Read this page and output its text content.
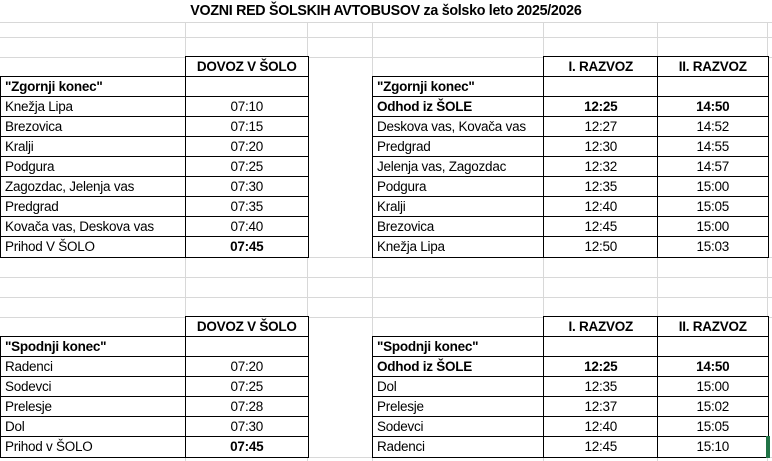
VOZNI RED ŠOLSKIH AVTOBUSOV za šolsko leto 2025/2026
DOVOZ V ŠOLO
"Zgornji konec"
Knežja Lipa	07:10
Brezovica	07:15
Kralji	07:20
Podgura	07:25
Zagozdac, Jelenja vas	07:30
Predgrad	07:35
Kovača vas, Deskova vas	07:40
Prihod V ŠOLO	07:45
I. RAZVOZ	II. RAZVOZ
"Zgornji konec"
Odhod iz ŠOLE	12:25	14:50
Deskova vas, Kovača vas	12:27	14:52
Predgrad	12:30	14:55
Jelenja vas, Zagozdac	12:32	14:57
Podgura	12:35	15:00
Kralji	12:40	15:05
Brezovica	12:45	15:00
Knežja Lipa	12:50	15:03
DOVOZ V ŠOLO
"Spodnji konec"
Radenci	07:20
Sodevci	07:25
Prelesje	07:28
Dol	07:30
Prihod v ŠOLO	07:45
I. RAZVOZ	II. RAZVOZ
"Spodnji konec"
Odhod iz ŠOLE	12:25	14:50
Dol	12:35	15:00
Prelesje	12:37	15:02
Sodevci	12:40	15:05
Radenci	12:45	15:10
